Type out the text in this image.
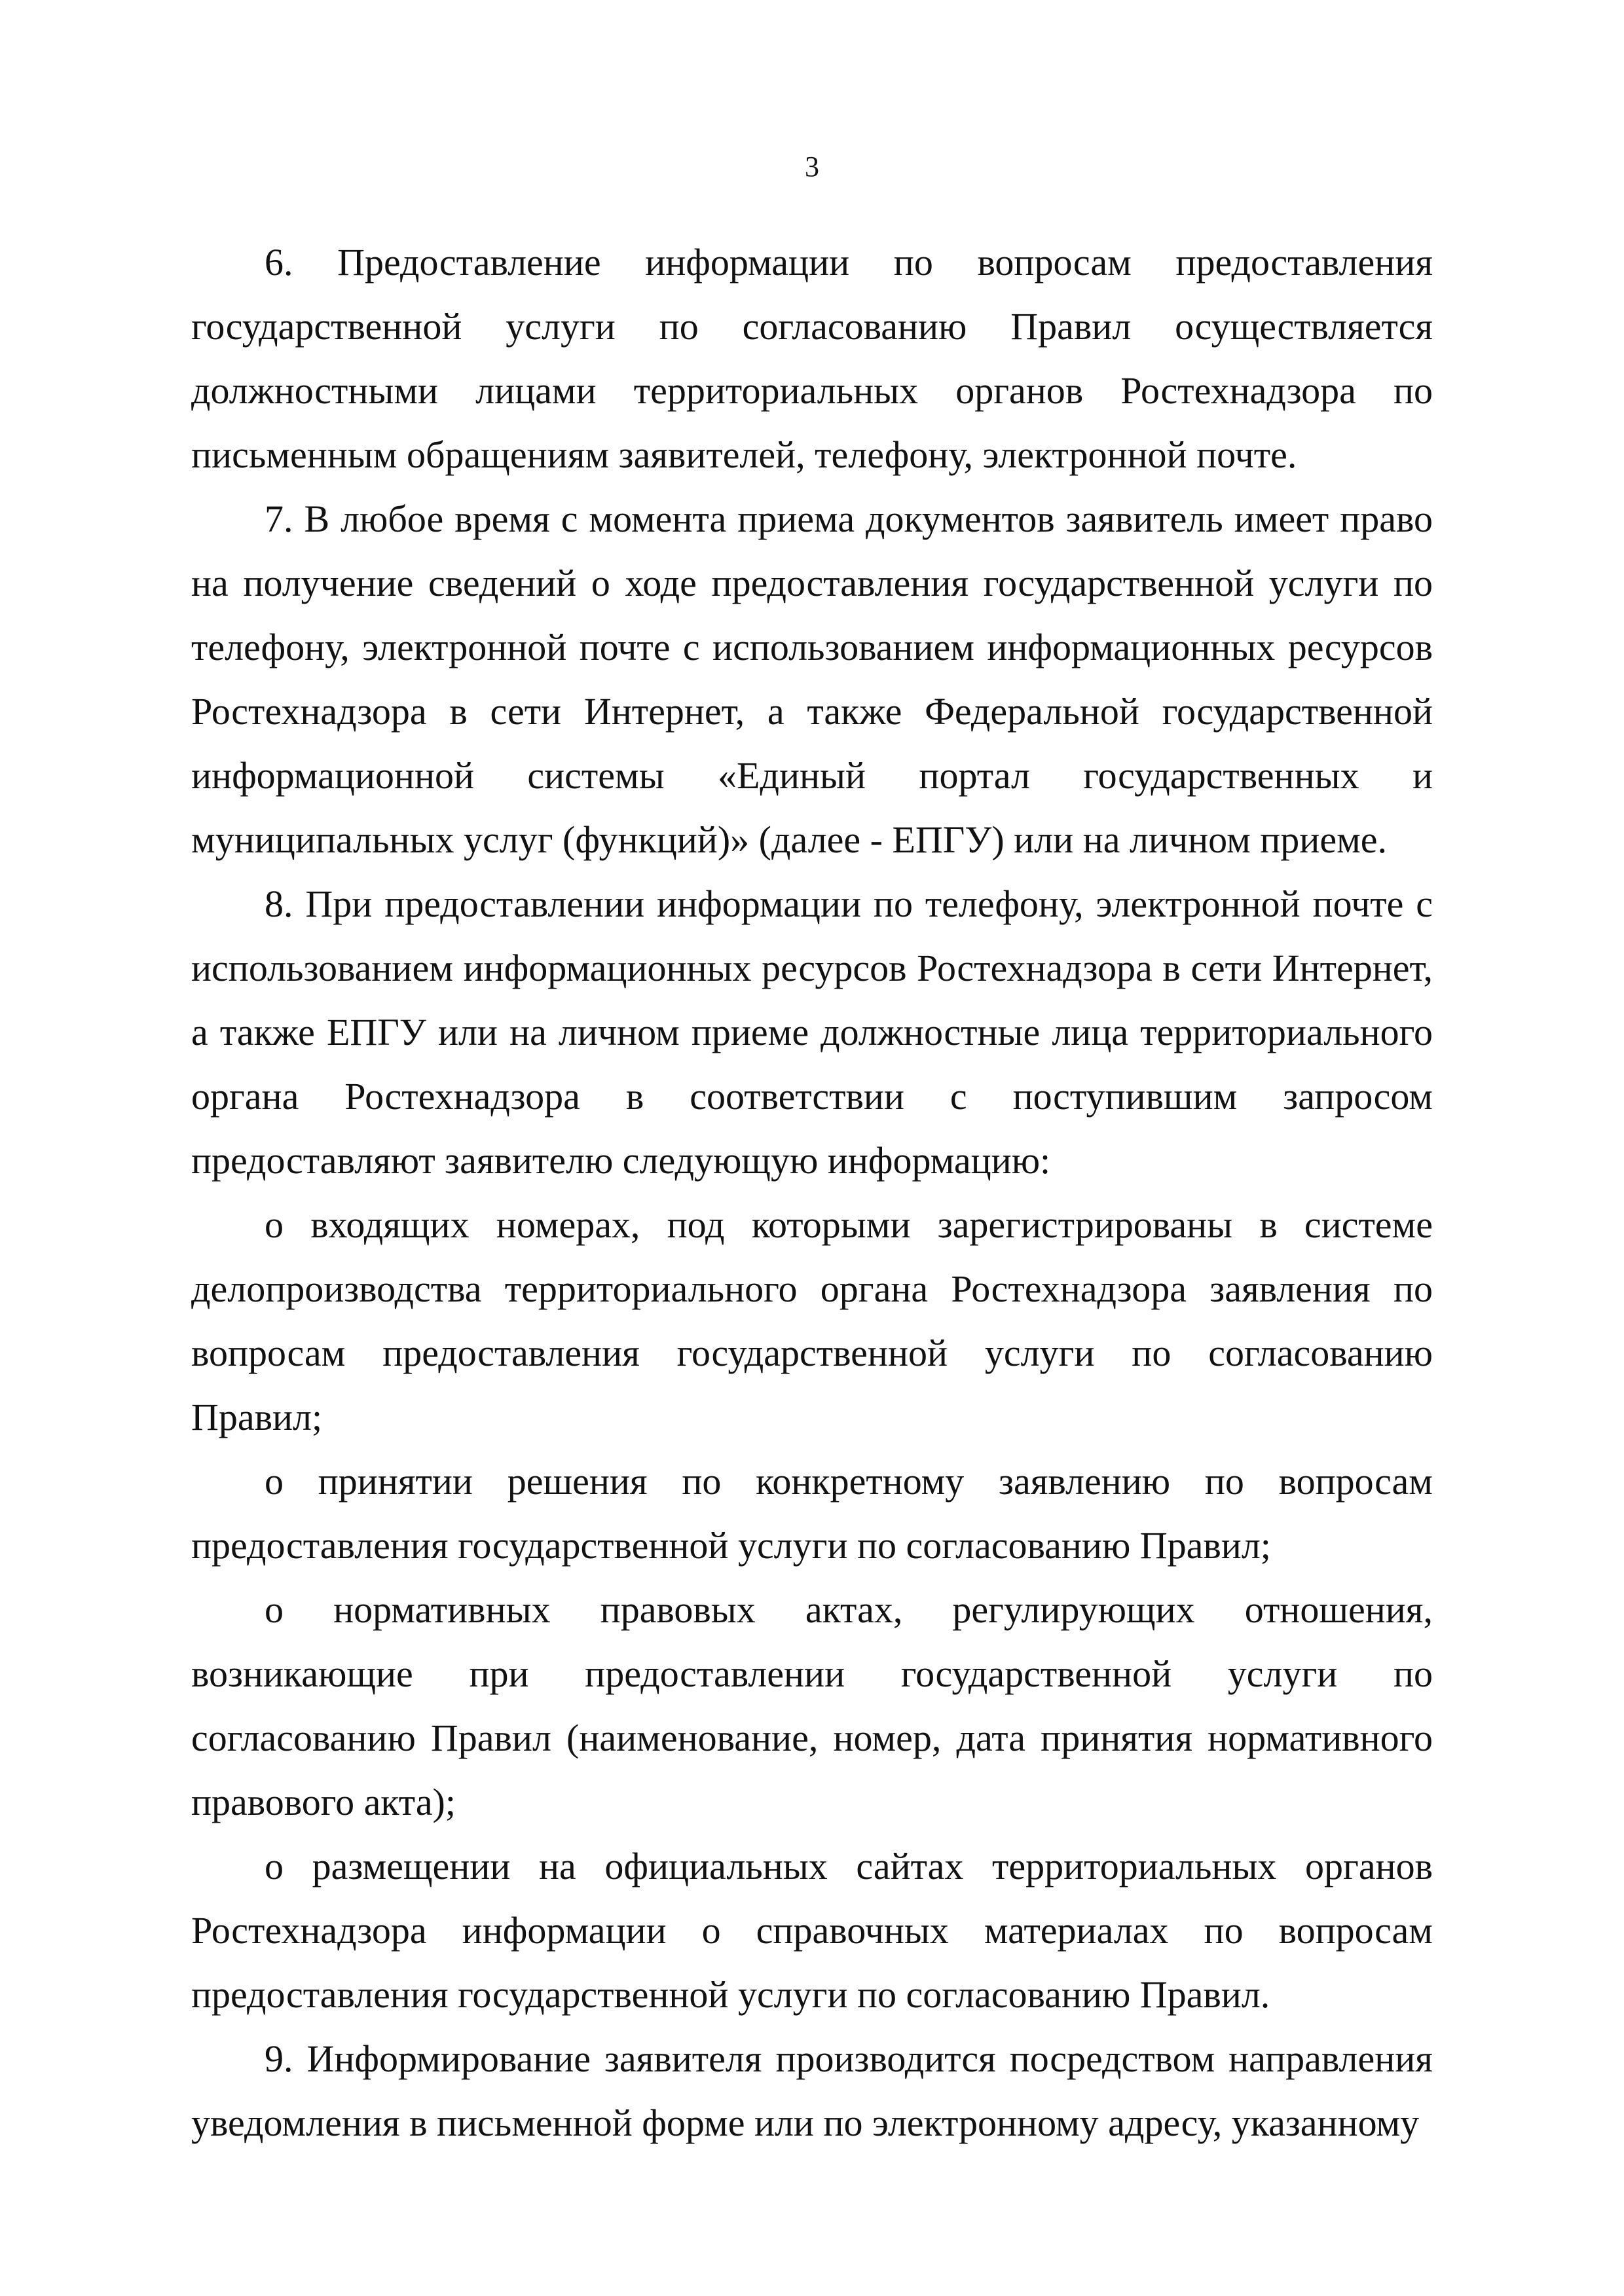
3

6. Предоставление информации по вопросам предоставления государственной услуги по согласованию Правил осуществляется должностными лицами территориальных органов Ростехнадзора по письменным обращениям заявителей, телефону, электронной почте.

7. В любое время с момента приема документов заявитель имеет право на получение сведений о ходе предоставления государственной услуги по телефону, электронной почте с использованием информационных ресурсов Ростехнадзора в сети Интернет, а также Федеральной государственной информационной системы «Единый портал государственных и муниципальных услуг (функций)» (далее - ЕПГУ) или на личном приеме.

8. При предоставлении информации по телефону, электронной почте с использованием информационных ресурсов Ростехнадзора в сети Интернет, а также ЕПГУ или на личном приеме должностные лица территориального органа Ростехнадзора в соответствии с поступившим запросом предоставляют заявителю следующую информацию:

о входящих номерах, под которыми зарегистрированы в системе делопроизводства территориального органа Ростехнадзора заявления по вопросам предоставления государственной услуги по согласованию Правил;

о принятии решения по конкретному заявлению по вопросам предоставления государственной услуги по согласованию Правил;

о нормативных правовых актах, регулирующих отношения, возникающие при предоставлении государственной услуги по согласованию Правил (наименование, номер, дата принятия нормативного правового акта);

о размещении на официальных сайтах территориальных органов Ростехнадзора информации о справочных материалах по вопросам предоставления государственной услуги по согласованию Правил.

9. Информирование заявителя производится посредством направления уведомления в письменной форме или по электронному адресу, указанному
